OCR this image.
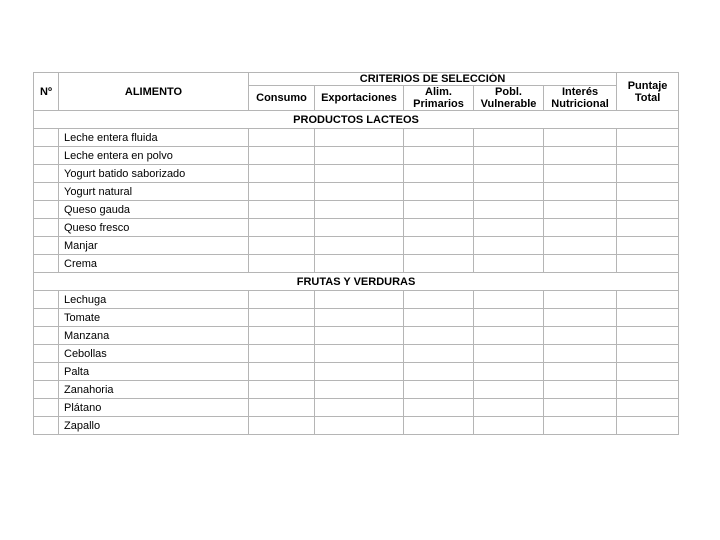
Nº	ALIMENTO	CRITERIOS DE SELECCIÓN					Puntaje Total
		Consumo	Exportaciones	Alim. Primarios	Pobl. Vulnerable	Interés Nutricional	
PRODUCTOS LACTEOS							
	Leche entera fluida						
	Leche entera en polvo						
	Yogurt batido saborizado						
	Yogurt natural						
	Queso gauda						
	Queso fresco						
	Manjar						
	Crema						
FRUTAS Y VERDURAS							
	Lechuga						
	Tomate						
	Manzana						
	Cebollas						
	Palta						
	Zanahoria						
	Plátano						
	Zapallo						
